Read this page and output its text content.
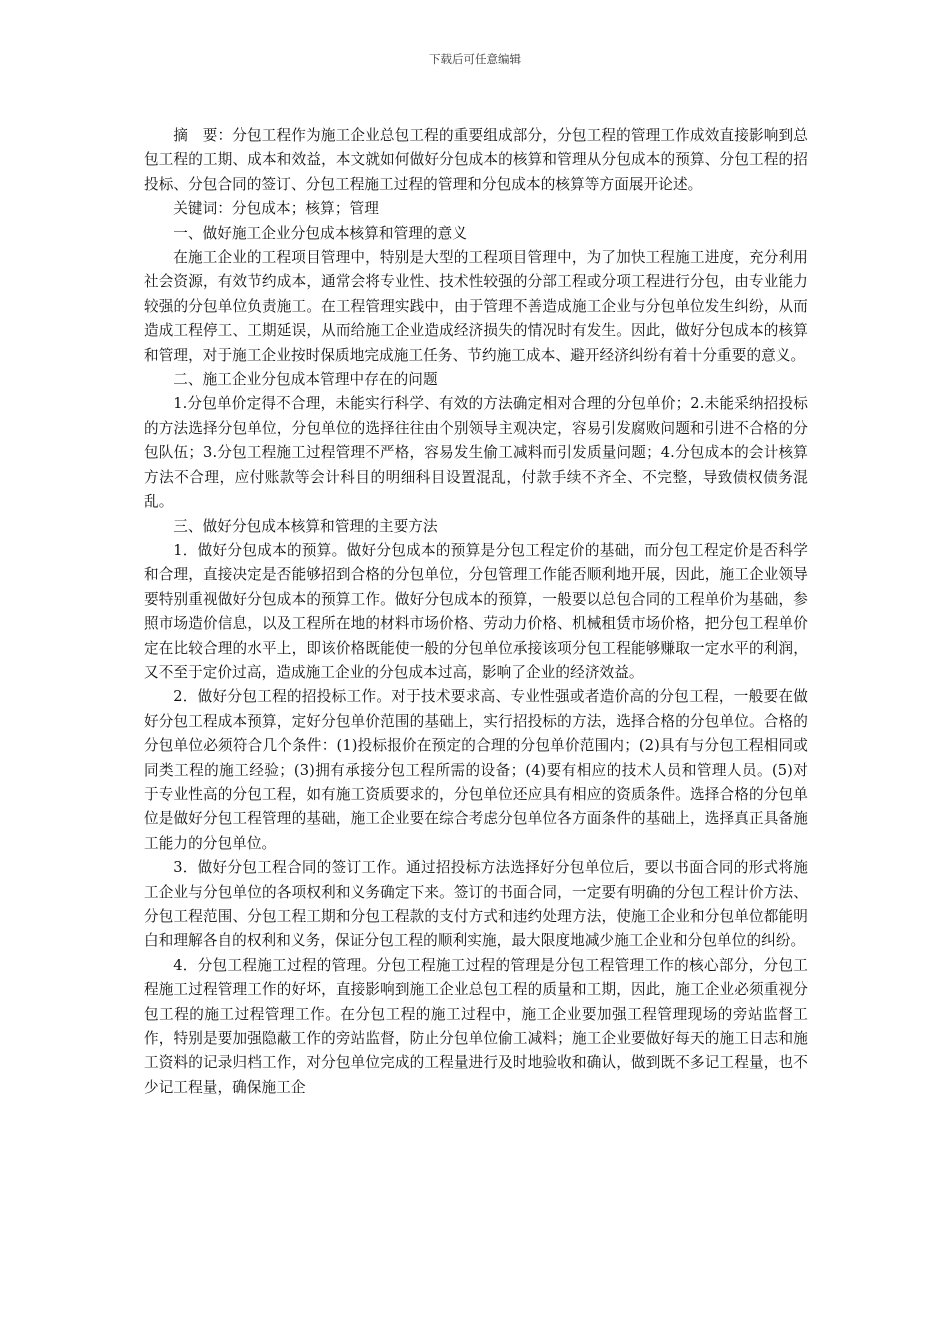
下载后可任意编辑

摘　要：分包工程作为施工企业总包工程的重要组成部分，分包工程的管理工作成效直接影响到总包工程的工期、成本和效益，本文就如何做好分包成本的核算和管理从分包成本的预算、分包工程的招投标、分包合同的签订、分包工程施工过程的管理和分包成本的核算等方面展开论述。

关键词：分包成本；核算；管理

一、做好施工企业分包成本核算和管理的意义

在施工企业的工程项目管理中，特别是大型的工程项目管理中，为了加快工程施工进度，充分利用社会资源，有效节约成本，通常会将专业性、技术性较强的分部工程或分项工程进行分包，由专业能力较强的分包单位负责施工。在工程管理实践中，由于管理不善造成施工企业与分包单位发生纠纷，从而造成工程停工、工期延误，从而给施工企业造成经济损失的情况时有发生。因此，做好分包成本的核算和管理，对于施工企业按时保质地完成施工任务、节约施工成本、避开经济纠纷有着十分重要的意义。

二、施工企业分包成本管理中存在的问题

1.分包单价定得不合理，未能实行科学、有效的方法确定相对合理的分包单价；2.未能采纳招投标的方法选择分包单位，分包单位的选择往往由个别领导主观决定，容易引发腐败问题和引进不合格的分包队伍；3.分包工程施工过程管理不严格，容易发生偷工减料而引发质量问题；4.分包成本的会计核算方法不合理，应付账款等会计科目的明细科目设置混乱，付款手续不齐全、不完整，导致债权债务混乱。

三、做好分包成本核算和管理的主要方法

1．做好分包成本的预算。做好分包成本的预算是分包工程定价的基础，而分包工程定价是否科学和合理，直接决定是否能够招到合格的分包单位，分包管理工作能否顺利地开展，因此，施工企业领导要特别重视做好分包成本的预算工作。做好分包成本的预算，一般要以总包合同的工程单价为基础，参照市场造价信息，以及工程所在地的材料市场价格、劳动力价格、机械租赁市场价格，把分包工程单价定在比较合理的水平上，即该价格既能使一般的分包单位承接该项分包工程能够赚取一定水平的利润，又不至于定价过高，造成施工企业的分包成本过高，影响了企业的经济效益。

2．做好分包工程的招投标工作。对于技术要求高、专业性强或者造价高的分包工程，一般要在做好分包工程成本预算，定好分包单价范围的基础上，实行招投标的方法，选择合格的分包单位。合格的分包单位必须符合几个条件：(1)投标报价在预定的合理的分包单价范围内；(2)具有与分包工程相同或同类工程的施工经验；(3)拥有承接分包工程所需的设备；(4)要有相应的技术人员和管理人员。(5)对于专业性高的分包工程，如有施工资质要求的，分包单位还应具有相应的资质条件。选择合格的分包单位是做好分包工程管理的基础，施工企业要在综合考虑分包单位各方面条件的基础上，选择真正具备施工能力的分包单位。

3．做好分包工程合同的签订工作。通过招投标方法选择好分包单位后，要以书面合同的形式将施工企业与分包单位的各项权利和义务确定下来。签订的书面合同，一定要有明确的分包工程计价方法、分包工程范围、分包工程工期和分包工程款的支付方式和违约处理方法，使施工企业和分包单位都能明白和理解各自的权利和义务，保证分包工程的顺利实施，最大限度地减少施工企业和分包单位的纠纷。

4．分包工程施工过程的管理。分包工程施工过程的管理是分包工程管理工作的核心部分，分包工程施工过程管理工作的好坏，直接影响到施工企业总包工程的质量和工期，因此，施工企业必须重视分包工程的施工过程管理工作。在分包工程的施工过程中，施工企业要加强工程管理现场的旁站监督工作，特别是要加强隐蔽工作的旁站监督，防止分包单位偷工减料；施工企业要做好每天的施工日志和施工资料的记录归档工作，对分包单位完成的工程量进行及时地验收和确认，做到既不多记工程量，也不少记工程量，确保施工企
